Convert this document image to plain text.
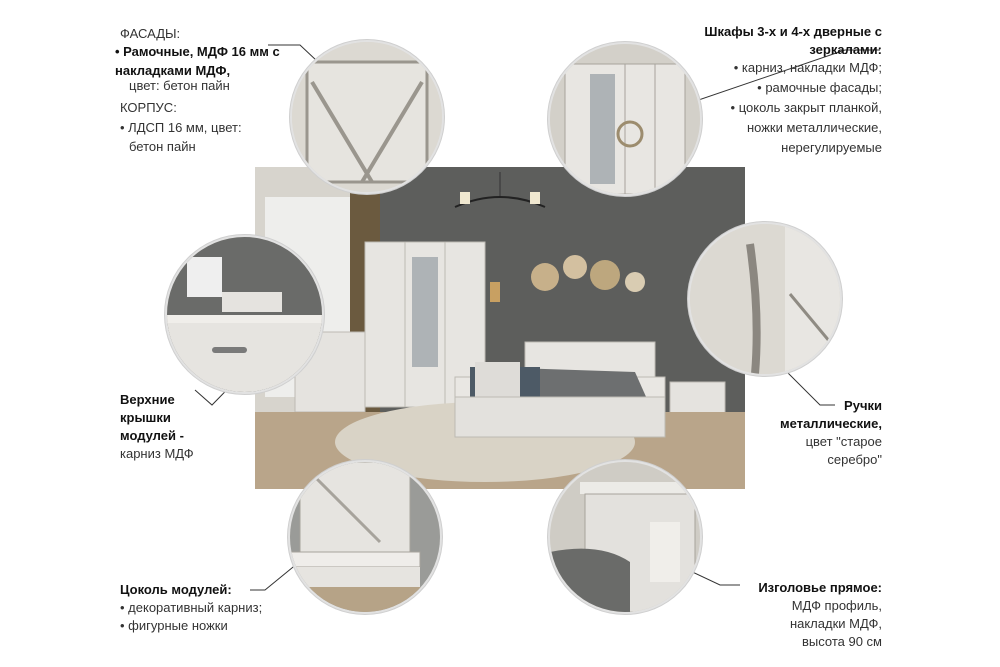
ФАСАДЫ:
• Рамочные, МДФ 16 мм с накладками МДФ,
цвет: бетон пайн
КОРПУС:
• ЛДСП 16 мм, цвет:
бетон пайн
Верхние
крышки
модулей -
карниз МДФ
Цоколь модулей:
• декоративный карниз;
• фигурные ножки
Шкафы 3-х и 4-х дверные с
зеркалами:
• карниз, накладки МДФ;
• рамочные фасады;
• цоколь закрыт планкой,
ножки металлические,
нерегулируемые
Ручки
металлические,
цвет "старое
серебро"
Изголовье прямое:
МДФ профиль,
накладки МДФ,
высота 90 см
